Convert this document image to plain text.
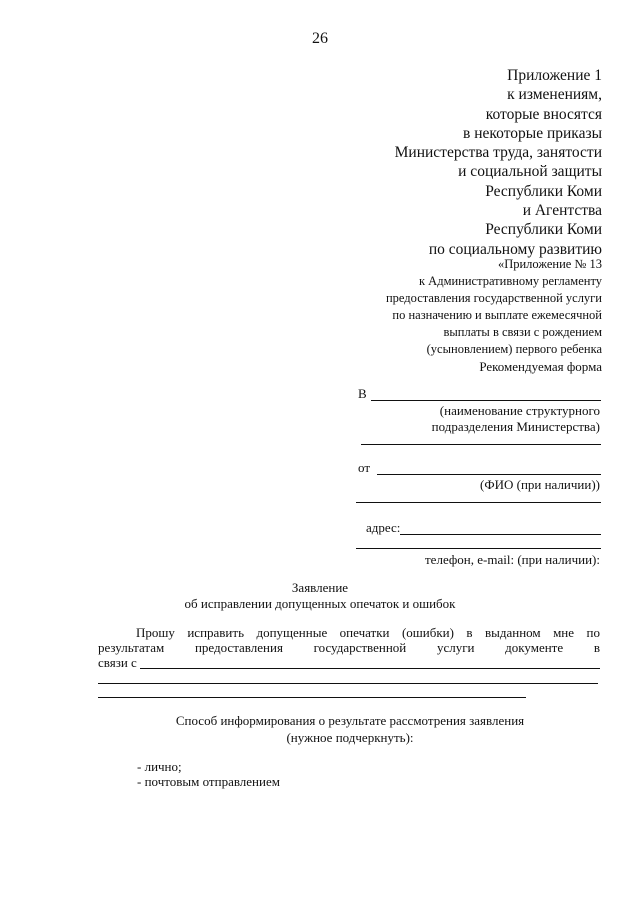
26
Приложение 1
к изменениям,
которые вносятся
в некоторые приказы
Министерства труда, занятости
и социальной защиты
Республики Коми
и Агентства
Республики Коми
по социальному развитию
«Приложение № 13
к Административному регламенту
предоставления государственной услуги
по назначению и выплате ежемесячной
выплаты в связи с рождением
(усыновлением) первого ребенка
Рекомендуемая форма
В
(наименование структурного
подразделения Министерства)
от
(ФИО (при наличии))
адрес:
телефон, e-mail: (при наличии):
Заявление
об исправлении допущенных опечаток и ошибок
Прошу исправить допущенные опечатки (ошибки) в выданном мне по
результатам предоставления государственной услуги документе в
связи с
Способ информирования о результате рассмотрения заявления
(нужное подчеркнуть):
- лично;
- почтовым отправлением
